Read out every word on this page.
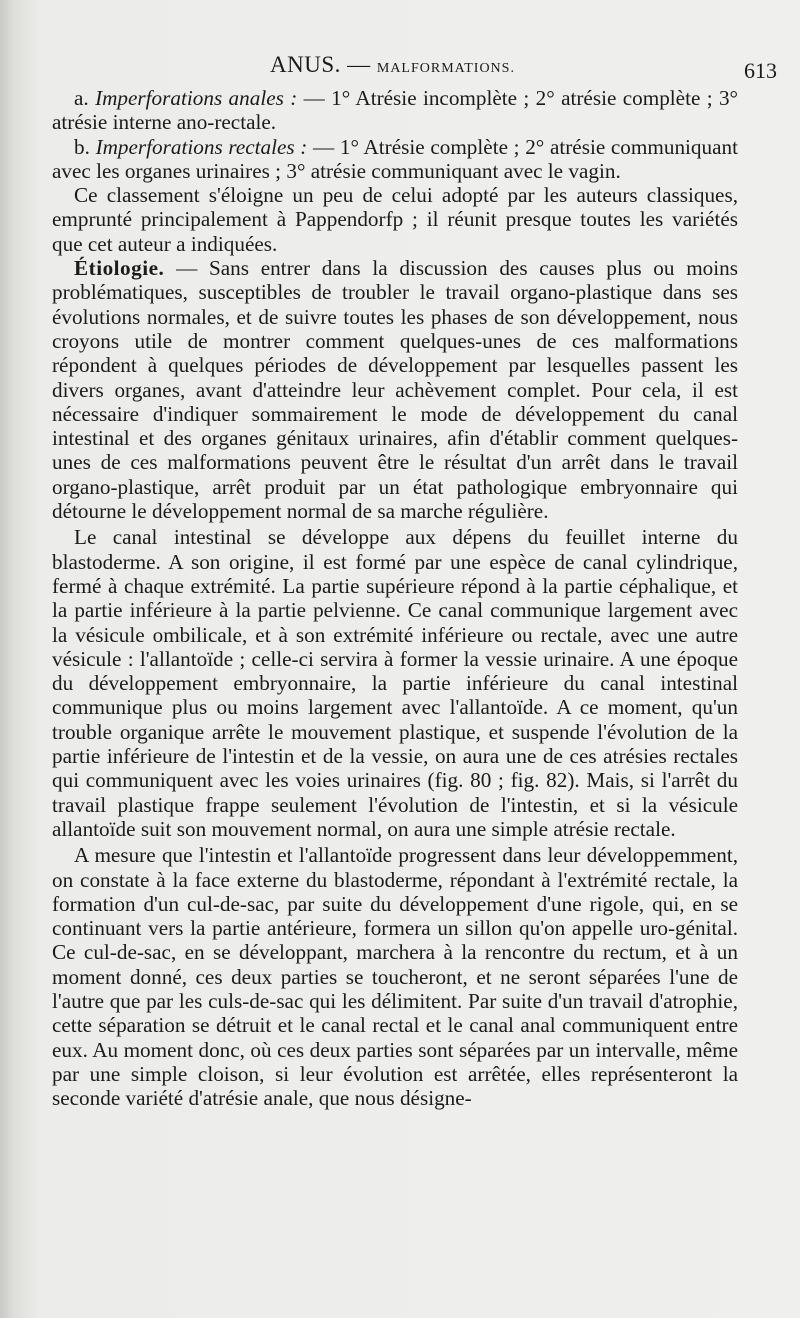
ANUS. — MALFORMATIONS.	613

a. Imperforations anales : — 1° Atrésie incomplète ; 2° atrésie complète ; 3° atrésie interne ano-rectale.

b. Imperforations rectales : — 1° Atrésie complète ; 2° atrésie communiquant avec les organes urinaires ; 3° atrésie communiquant avec le vagin.

Ce classement s'éloigne un peu de celui adopté par les auteurs classiques, emprunté principalement à Pappendorfp ; il réunit presque toutes les variétés que cet auteur a indiquées.

Étiologie. — Sans entrer dans la discussion des causes plus ou moins problématiques, susceptibles de troubler le travail organo-plastique dans ses évolutions normales, et de suivre toutes les phases de son développement, nous croyons utile de montrer comment quelques-unes de ces malformations répondent à quelques périodes de développement par lesquelles passent les divers organes, avant d'atteindre leur achèvement complet. Pour cela, il est nécessaire d'indiquer sommairement le mode de développement du canal intestinal et des organes génitaux urinaires, afin d'établir comment quelques-unes de ces malformations peuvent être le résultat d'un arrêt dans le travail organo-plastique, arrêt produit par un état pathologique embryonnaire qui détourne le développement normal de sa marche régulière.

Le canal intestinal se développe aux dépens du feuillet interne du blastoderme. A son origine, il est formé par une espèce de canal cylindrique, fermé à chaque extrémité. La partie supérieure répond à la partie céphalique, et la partie inférieure à la partie pelvienne. Ce canal communique largement avec la vésicule ombilicale, et à son extrémité inférieure ou rectale, avec une autre vésicule : l'allantoïde ; celle-ci servira à former la vessie urinaire. A une époque du développement embryonnaire, la partie inférieure du canal intestinal communique plus ou moins largement avec l'allantoïde. A ce moment, qu'un trouble organique arrête le mouvement plastique, et suspende l'évolution de la partie inférieure de l'intestin et de la vessie, on aura une de ces atrésies rectales qui communiquent avec les voies urinaires (fig. 80 ; fig. 82). Mais, si l'arrêt du travail plastique frappe seulement l'évolution de l'intestin, et si la vésicule allantoïde suit son mouvement normal, on aura une simple atrésie rectale.

A mesure que l'intestin et l'allantoïde progressent dans leur développemment, on constate à la face externe du blastoderme, répondant à l'extrémité rectale, la formation d'un cul-de-sac, par suite du développement d'une rigole, qui, en se continuant vers la partie antérieure, formera un sillon qu'on appelle uro-génital. Ce cul-de-sac, en se développant, marchera à la rencontre du rectum, et à un moment donné, ces deux parties se toucheront, et ne seront séparées l'une de l'autre que par les culs-de-sac qui les délimitent. Par suite d'un travail d'atrophie, cette séparation se détruit et le canal rectal et le canal anal communiquent entre eux. Au moment donc, où ces deux parties sont séparées par un intervalle, même par une simple cloison, si leur évolution est arrêtée, elles représenteront la seconde variété d'atrésie anale, que nous désigne-
